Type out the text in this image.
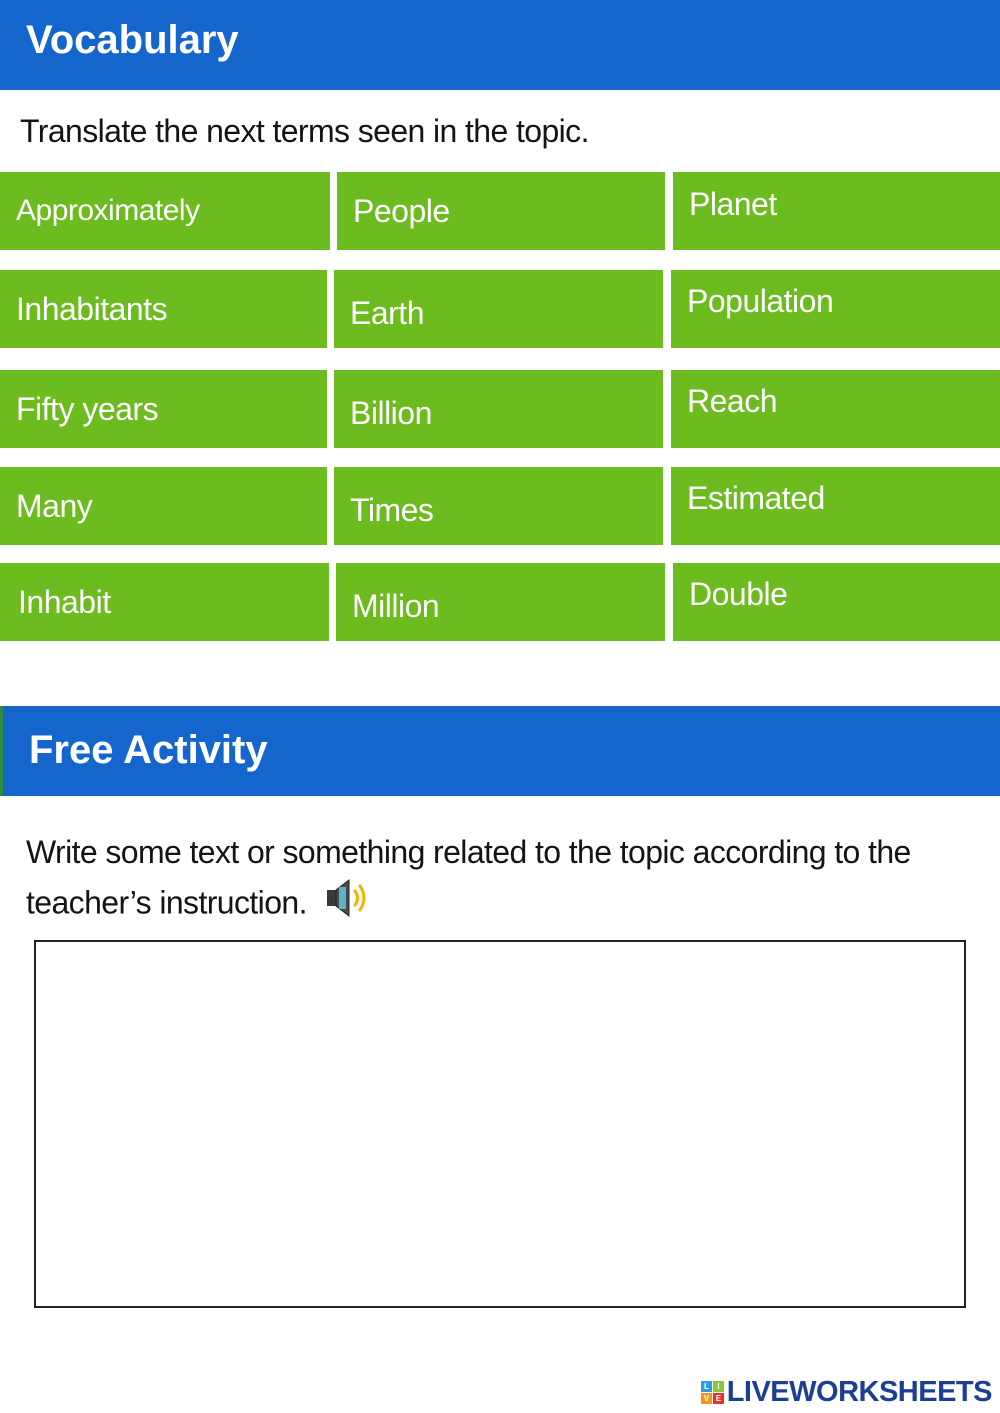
Vocabulary
Translate the next terms seen in the topic.
Approximately	People	Planet
Inhabitants	Earth	Population
Fifty years	Billion	Reach
Many	Times	Estimated
Inhabit	Million	Double
Free Activity
Write some text or something related to the topic according to the teacher’s instruction.
L	I
V E LIVEWORKSHEETS
